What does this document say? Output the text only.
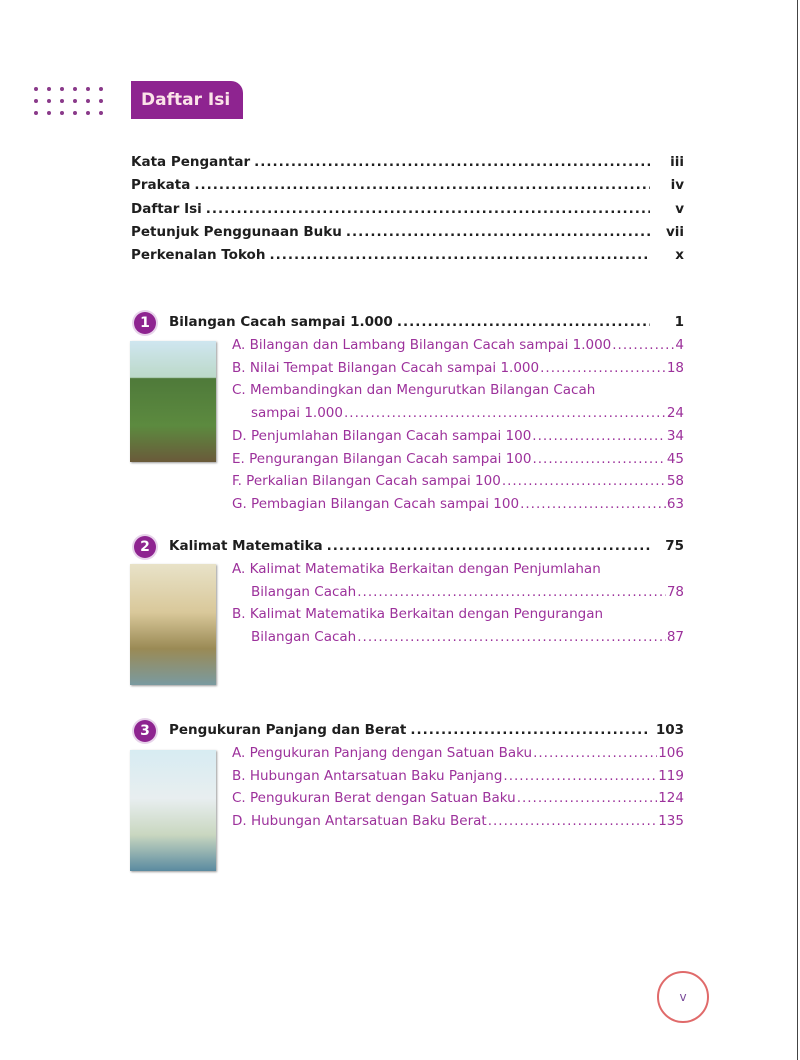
Daftar Isi
v
Kata Pengantar .....	iii
Prakata .....	iv
Daftar Isi .....	v
Petunjuk Penggunaan Buku .....	vii
Perkenalan Tokoh .....	x
1	Bilangan Cacah sampai 1.000 .....	1
A. Bilangan dan Lambang Bilangan Cacah sampai 1.000 .....	4
B. Nilai Tempat Bilangan Cacah sampai 1.000 .....	18
C. Membandingkan dan Mengurutkan Bilangan Cacah
sampai 1.000 .....	24
D. Penjumlahan Bilangan Cacah sampai 100 .....	34
E. Pengurangan Bilangan Cacah sampai 100 .....	45
F. Perkalian Bilangan Cacah sampai 100 .....	58
G. Pembagian Bilangan Cacah sampai 100 .....	63
2	Kalimat Matematika .....	75
A. Kalimat Matematika Berkaitan dengan Penjumlahan
Bilangan Cacah .....	78
B. Kalimat Matematika Berkaitan dengan Pengurangan
Bilangan Cacah .....	87
3	Pengukuran Panjang dan Berat .....	103
A. Pengukuran Panjang dengan Satuan Baku .....	106
B. Hubungan Antarsatuan Baku Panjang .....	119
C. Pengukuran Berat dengan Satuan Baku .....	124
D. Hubungan Antarsatuan Baku Berat .....	135
